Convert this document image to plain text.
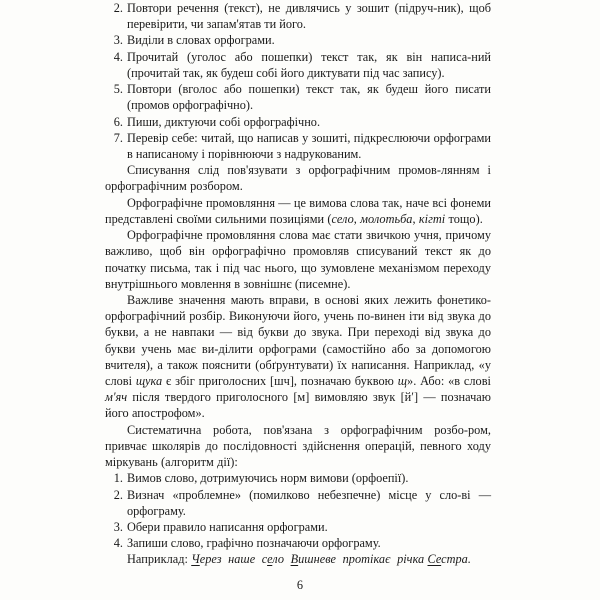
2. Повтори речення (текст), не дивлячись у зошит (підруч-ник), щоб перевірити, чи запам'ятав ти його.
3. Виділи в словах орфограми.
4. Прочитай (уголос або пошепки) текст так, як він написа-ний (прочитай так, як будеш собі його диктувати під час запису).
5. Повтори (вголос або пошепки) текст так, як будеш його писати (промов орфографічно).
6. Пиши, диктуючи собі орфографічно.
7. Перевір себе: читай, що написав у зошиті, підкреслюючи орфограми в написаному і порівнюючи з надрукованим.

Списування слід пов'язувати з орфографічним промов-лянням і орфографічним розбором.

Орфографічне промовляння — це вимова слова так, наче всі фонеми представлені своїми сильними позиціями (село, молотьба, кігті тощо).

Орфографічне промовляння слова має стати звичкою учня, причому важливо, щоб він орфографічно промовляв списуваний текст як до початку письма, так і під час нього, що зумовлене механізмом переходу внутрішнього мовлення в зовнішнє (писемне).

Важливе значення мають вправи, в основі яких лежить фонетико-орфографічний розбір. Виконуючи його, учень по-винен іти від звука до букви, а не навпаки — від букви до звука. При переході від звука до букви учень має ви-ділити орфограми (самостійно або за допомогою вчителя), а також пояснити (обґрунтувати) їх написання. Наприклад, «у слові щука є збіг приголосних [шч], позначаю буквою щ». Або: «в слові м'яч після твердого приголосного [м] вимовляю звук [й′] — позначаю його апострофом».

Систематична робота, пов'язана з орфографічним розбо-ром, привчає школярів до послідовності здійснення операцій, певного ходу міркувань (алгоритм дії):

1. Вимов слово, дотримуючись норм вимови (орфоепії).
2. Визнач «проблемне» (помилково небезпечне) місце у сло-ві — орфограму.
3. Обери правило написання орфограми.
4. Запиши слово, графічно позначаючи орфограму.

Наприклад: Через наше село Вишневе протікає річка Сестра.

6
